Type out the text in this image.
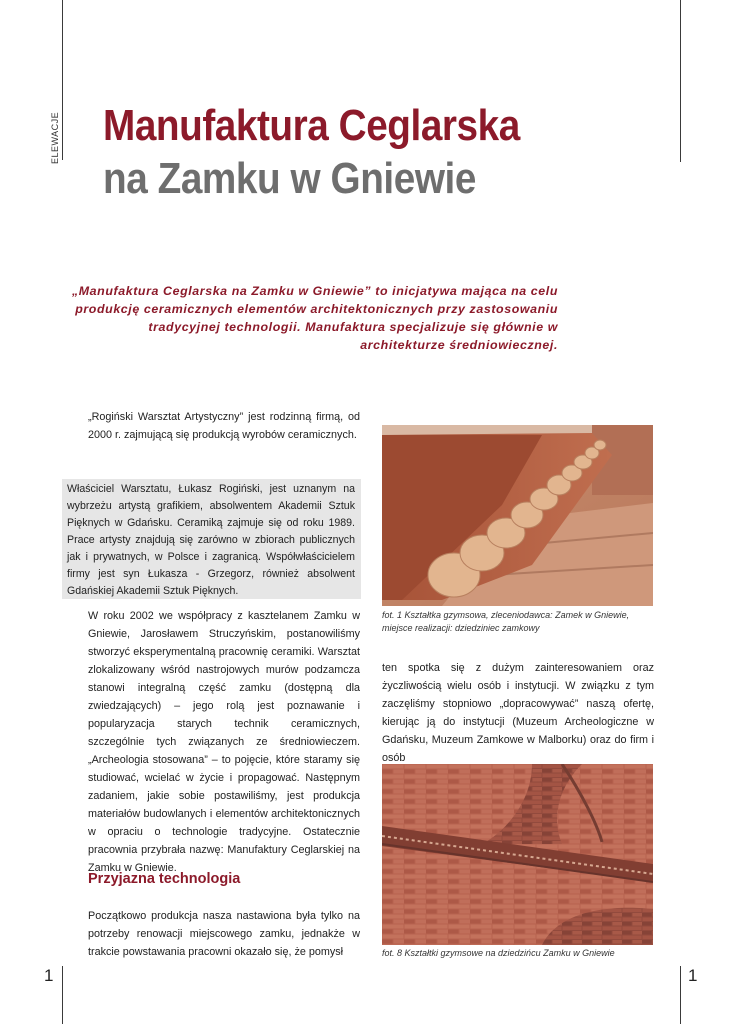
ELEWACJE Manufaktura Ceglarska
na Zamku w Gniewie

„Manufaktura Ceglarska na Zamku w Gniewie” to inicjatywa mająca na celu produkcję ceramicznych elementów architektonicznych przy zastosowaniu tradycyjnej technologii. Manufaktura specjalizuje się głównie w architekturze średniowiecznej.

„Rogiński Warsztat Artystyczny” jest rodzinną firmą, od 2000 r. zajmującą się produkcją wyrobów ceramicznych.

Właściciel Warsztatu, Łukasz Rogiński, jest uznanym na wybrzeżu artystą grafikiem, absolwentem Akademii Sztuk Pięknych w Gdańsku. Ceramiką zajmuje się od roku 1989. Prace artysty znajdują się zarówno w zbiorach publicznych jak i prywatnych, w Polsce i zagranicą. Współwłaścicielem firmy jest syn Łukasza - Grzegorz, również absolwent Gdańskiej Akademii Sztuk Pięknych.

W roku 2002 we współpracy z kasztelanem Zamku w Gniewie, Jarosławem Struczyńskim, postanowiliśmy stworzyć eksperymentalną pracownię ceramiki. Warsztat zlokalizowany wśród nastrojowych murów podzamcza stanowi integralną część zamku (dostępną dla zwiedzających) – jego rolą jest poznawanie i popularyzacja starych technik ceramicznych, szczególnie tych związanych ze średniowieczem. „Archeologia stosowana” – to pojęcie, które staramy się studiować, wcielać w życie i propagować. Następnym zadaniem, jakie sobie postawiliśmy, jest produkcja materiałów budowlanych i elementów architektonicznych w opraciu o technologie tradycyjne. Ostatecznie pracownia przybrała nazwę: Manufaktury Ceglarskiej na Zamku w Gniewie.

Przyjazna technologia

Początkowo produkcja nasza nastawiona była tylko na potrzeby renowacji miejscowego zamku, jednakże w trakcie powstawania pracowni okazało się, że pomysł

fot. 1 Kształtka gzymsowa, zleceniodawca: Zamek w Gniewie, miejsce realizacji: dziedziniec zamkowy

ten spotka się z dużym zainteresowaniem oraz życzliwością wielu osób i instytucji. W związku z tym zaczęliśmy stopniowo „dopracowywać” naszą ofertę, kierując ją do instytucji (Muzeum Archeologiczne w Gdańsku, Muzeum Zamkowe w Malborku) oraz do firm i osób

fot. 8 Kształtki gzymsowe na dziedzińcu Zamku w Gniewie

1	1
